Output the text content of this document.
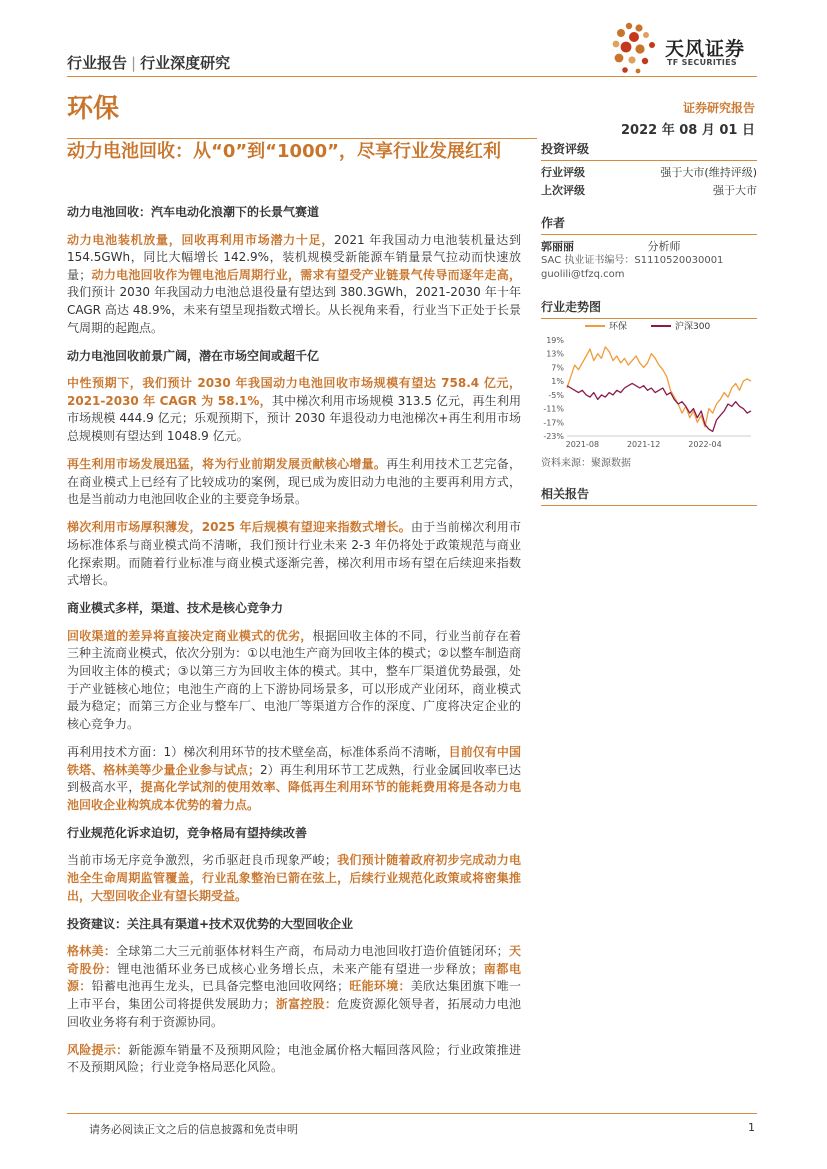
行业报告 | 行业深度研究
天风证券
TF SECURITIES
环保	证券研究报告
2022 年 08 月 01 日
动力电池回收：从“0”到“1000”，尽享行业发展红利
动力电池回收：汽车电动化浪潮下的长景气赛道

动力电池装机放量，回收再利用市场潜力十足，2021 年我国动力电池装机量达到 154.5GWh，同比大幅增长 142.9%，装机规模受新能源车销量景气拉动而快速放量；动力电池回收作为锂电池后周期行业，需求有望受产业链景气传导而逐年走高，我们预计 2030 年我国动力电池总退役量有望达到 380.3GWh，2021-2030 年十年 CAGR 高达 48.9%，未来有望呈现指数式增长。从长视角来看，行业当下正处于长景气周期的起跑点。

动力电池回收前景广阔，潜在市场空间或超千亿

中性预期下，我们预计 2030 年我国动力电池回收市场规模有望达 758.4 亿元，2021-2030 年 CAGR 为 58.1%，其中梯次利用市场规模 313.5 亿元，再生利用市场规模 444.9 亿元；乐观预期下，预计 2030 年退役动力电池梯次+再生利用市场总规模则有望达到 1048.9 亿元。

再生利用市场发展迅猛，将为行业前期发展贡献核心增量。再生利用技术工艺完备，在商业模式上已经有了比较成功的案例，现已成为废旧动力电池的主要再利用方式，也是当前动力电池回收企业的主要竞争场景。

梯次利用市场厚积薄发，2025 年后规模有望迎来指数式增长。由于当前梯次利用市场标准体系与商业模式尚不清晰，我们预计行业未来 2-3 年仍将处于政策规范与商业化探索期。而随着行业标准与商业模式逐渐完善，梯次利用市场有望在后续迎来指数式增长。

商业模式多样，渠道、技术是核心竞争力

回收渠道的差异将直接决定商业模式的优劣，根据回收主体的不同，行业当前存在着三种主流商业模式，依次分别为：①以电池生产商为回收主体的模式；②以整车制造商为回收主体的模式；③以第三方为回收主体的模式。其中，整车厂渠道优势最强，处于产业链核心地位；电池生产商的上下游协同场景多，可以形成产业闭环，商业模式最为稳定；而第三方企业与整车厂、电池厂等渠道方合作的深度、广度将决定企业的核心竞争力。

再利用技术方面：1）梯次利用环节的技术壁垒高，标准体系尚不清晰，目前仅有中国铁塔、格林美等少量企业参与试点；2）再生利用环节工艺成熟，行业金属回收率已达到极高水平，提高化学试剂的使用效率、降低再生利用环节的能耗费用将是各动力电池回收企业构筑成本优势的着力点。

行业规范化诉求迫切，竞争格局有望持续改善

当前市场无序竞争激烈，劣币驱赶良币现象严峻；我们预计随着政府初步完成动力电池全生命周期监管覆盖，行业乱象整治已箭在弦上，后续行业规范化政策或将密集推出，大型回收企业有望长期受益。

投资建议：关注具有渠道+技术双优势的大型回收企业

格林美：全球第二大三元前驱体材料生产商，布局动力电池回收打造价值链闭环；天奇股份：锂电池循环业务已成核心业务增长点，未来产能有望进一步释放；南都电源：铅蓄电池再生龙头，已具备完整电池回收网络；旺能环境：美欣达集团旗下唯一上市平台，集团公司将提供发展助力；浙富控股：危废资源化领导者，拓展动力电池回收业务将有利于资源协同。

风险提示：新能源车销量不及预期风险；电池金属价格大幅回落风险；行业政策推进不及预期风险；行业竞争格局恶化风险。

投资评级
行业评级	强于大市(维持评级)
上次评级	强于大市
作者
郭丽丽	分析师
SAC 执业证书编号：S1110520030001
guolili@tfzq.com
行业走势图
环保	沪深300
19%
13%
7%
1%
-5%
-11%
-17%
-23%
2021-08	2021-12	2022-04
资料来源：聚源数据
相关报告
请务必阅读正文之后的信息披露和免责申明	1
